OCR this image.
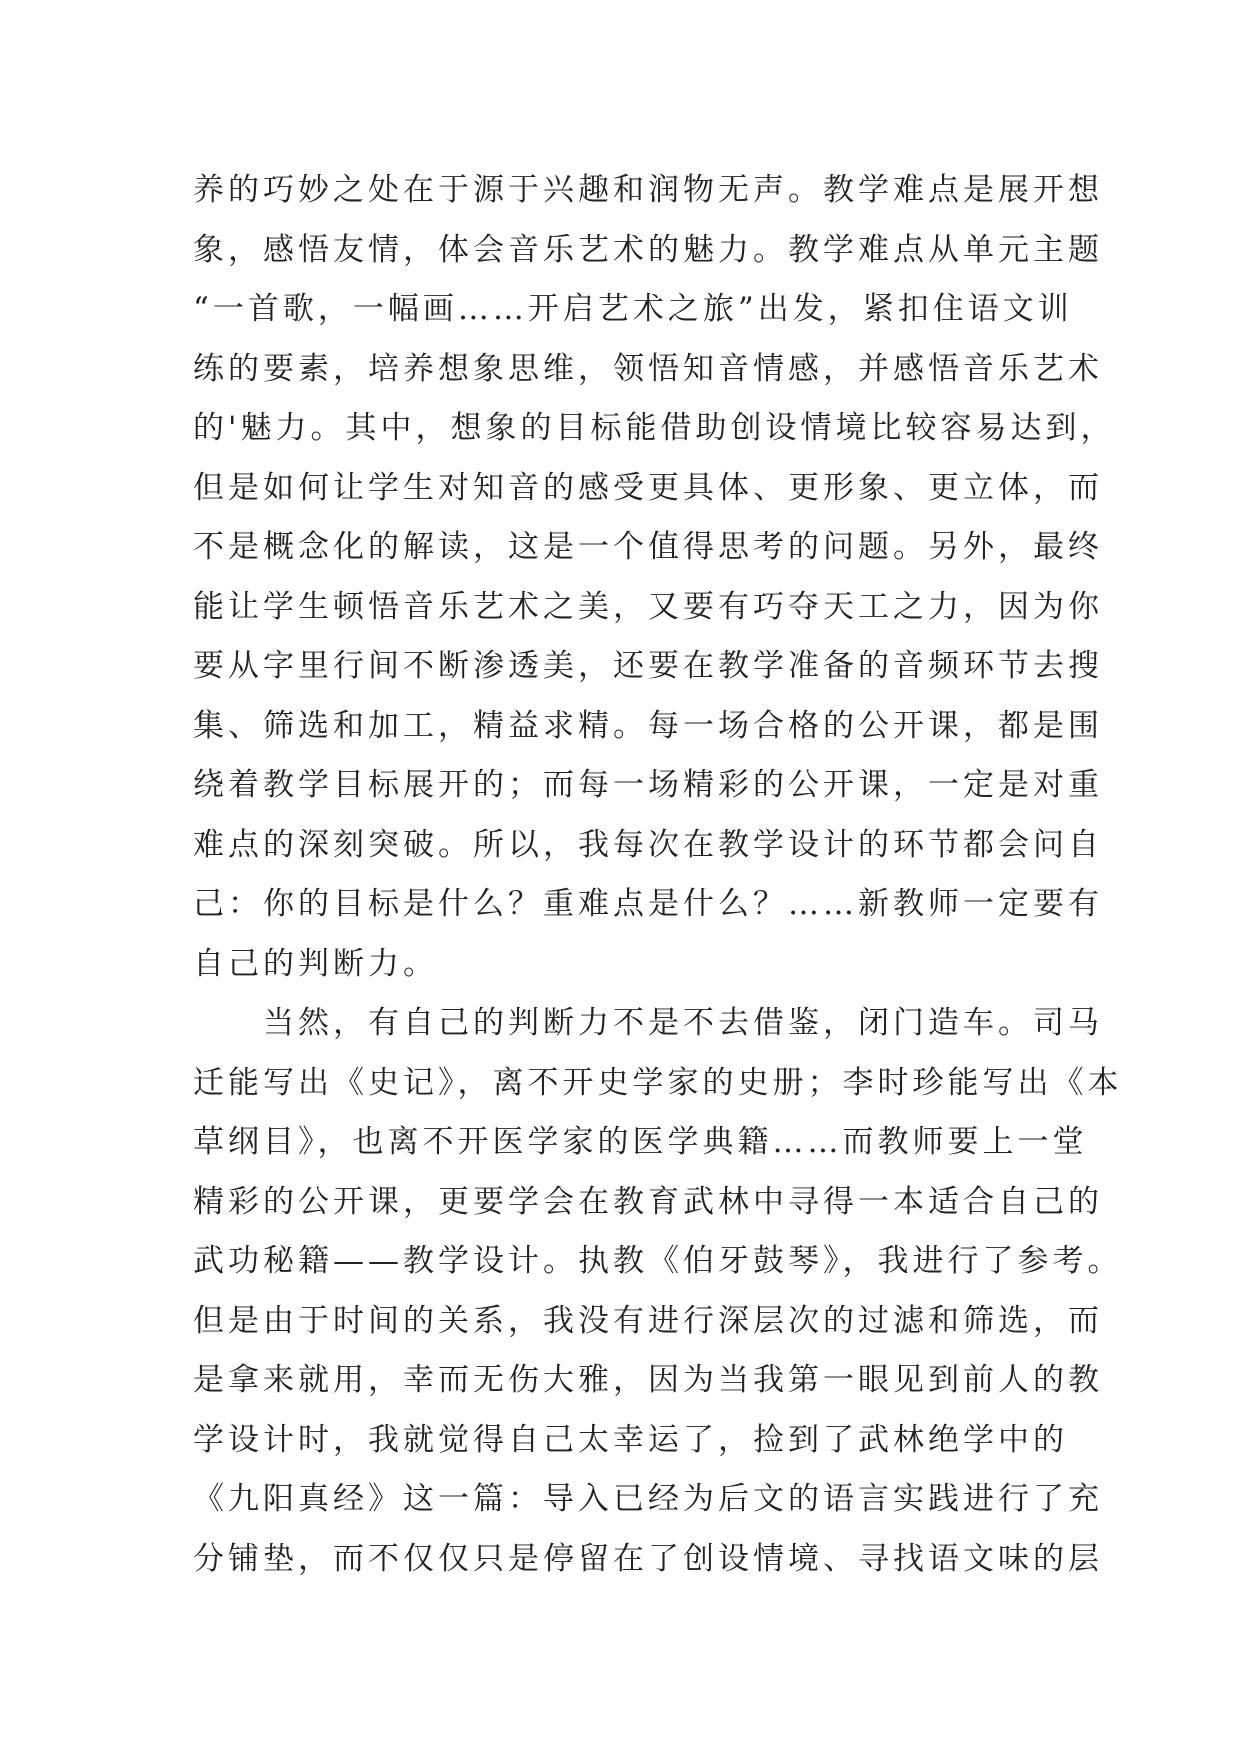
养的巧妙之处在于源于兴趣和润物无声。教学难点是展开想
象，感悟友情，体会音乐艺术的魅力。教学难点从单元主题
“一首歌，一幅画……开启艺术之旅”出发，紧扣住语文训
练的要素，培养想象思维，领悟知音情感，并感悟音乐艺术
的'魅力。其中，想象的目标能借助创设情境比较容易达到，
但是如何让学生对知音的感受更具体、更形象、更立体，而
不是概念化的解读，这是一个值得思考的问题。另外，最终
能让学生顿悟音乐艺术之美，又要有巧夺天工之力，因为你
要从字里行间不断渗透美，还要在教学准备的音频环节去搜
集、筛选和加工，精益求精。每一场合格的公开课，都是围
绕着教学目标展开的；而每一场精彩的公开课，一定是对重
难点的深刻突破。所以，我每次在教学设计的环节都会问自
己：你的目标是什么？重难点是什么？……新教师一定要有
自己的判断力。
当然，有自己的判断力不是不去借鉴，闭门造车。司马
迁能写出《史记》，离不开史学家的史册；李时珍能写出《本
草纲目》，也离不开医学家的医学典籍……而教师要上一堂
精彩的公开课，更要学会在教育武林中寻得一本适合自己的
武功秘籍——教学设计。执教《伯牙鼓琴》，我进行了参考。
但是由于时间的关系，我没有进行深层次的过滤和筛选，而
是拿来就用，幸而无伤大雅，因为当我第一眼见到前人的教
学设计时，我就觉得自己太幸运了，捡到了武林绝学中的
《九阳真经》这一篇：导入已经为后文的语言实践进行了充
分铺垫，而不仅仅只是停留在了创设情境、寻找语文味的层
